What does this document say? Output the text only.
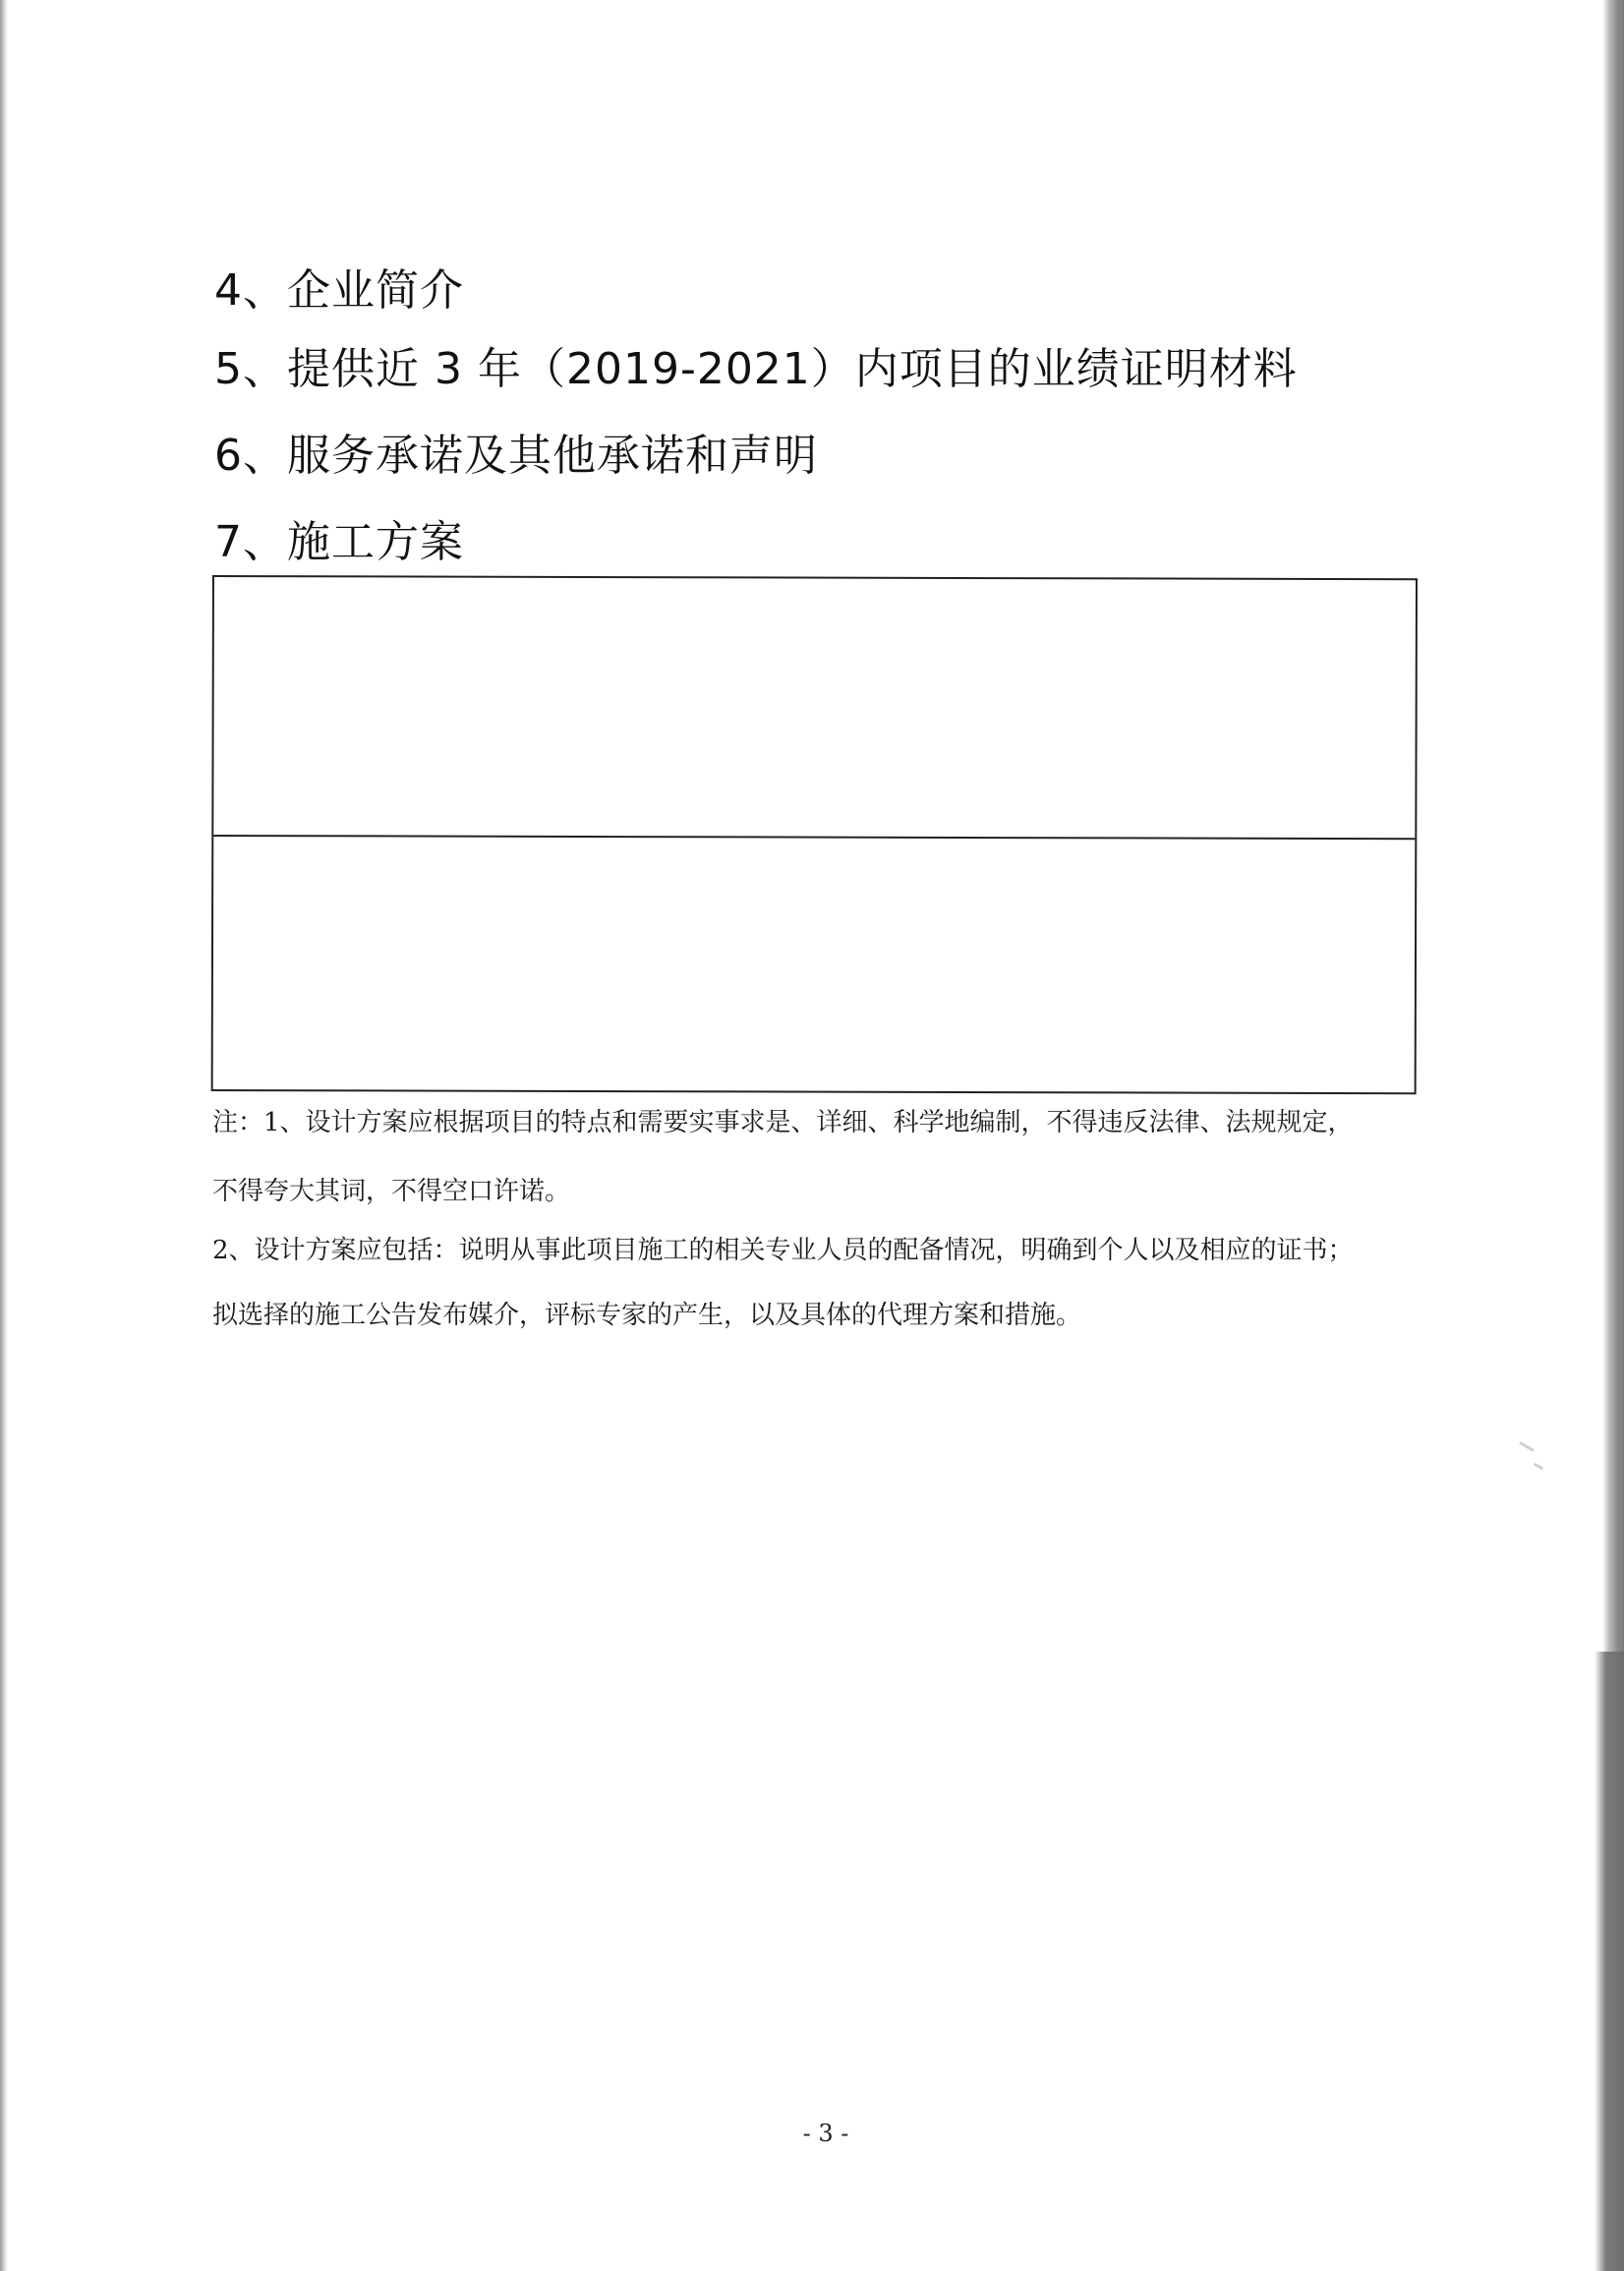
4、企业简介
5、提供近 3 年（2019-2021）内项目的业绩证明材料
6、服务承诺及其他承诺和声明
7、施工方案
注：1、设计方案应根据项目的特点和需要实事求是、详细、科学地编制，不得违反法律、法规规定，
不得夸大其词，不得空口许诺。
2、设计方案应包括：说明从事此项目施工的相关专业人员的配备情况，明确到个人以及相应的证书；
拟选择的施工公告发布媒介，评标专家的产生，以及具体的代理方案和措施。
- 3 -
